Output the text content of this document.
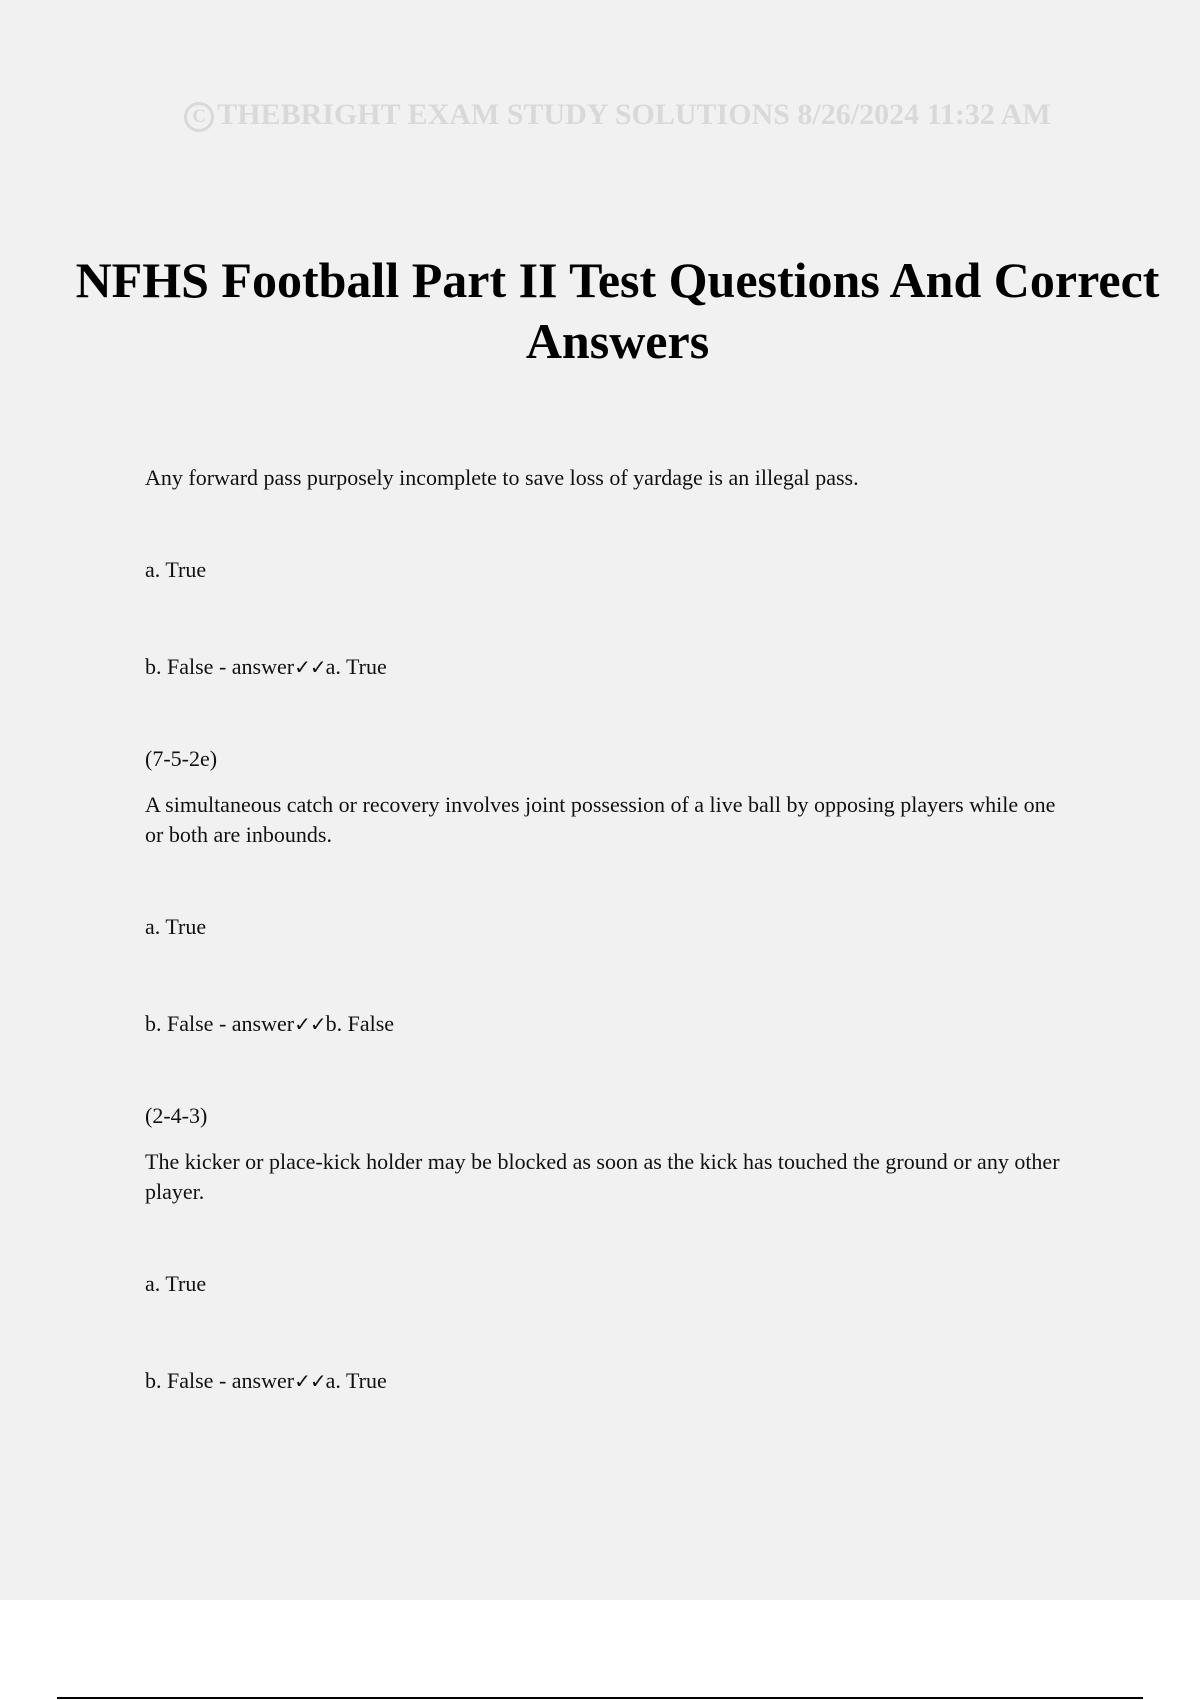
C THEBRIGHT EXAM STUDY SOLUTIONS 8/26/2024 11:32 AM
NFHS Football Part II Test Questions And Correct Answers

Any forward pass purposely incomplete to save loss of yardage is an illegal pass.

a. True

b. False - answer✓✓a. True

(7-5-2e)

A simultaneous catch or recovery involves joint possession of a live ball by opposing players while one or both are inbounds.

a. True

b. False - answer✓✓b. False

(2-4-3)

The kicker or place-kick holder may be blocked as soon as the kick has touched the ground or any other player.

a. True

b. False - answer✓✓a. True
